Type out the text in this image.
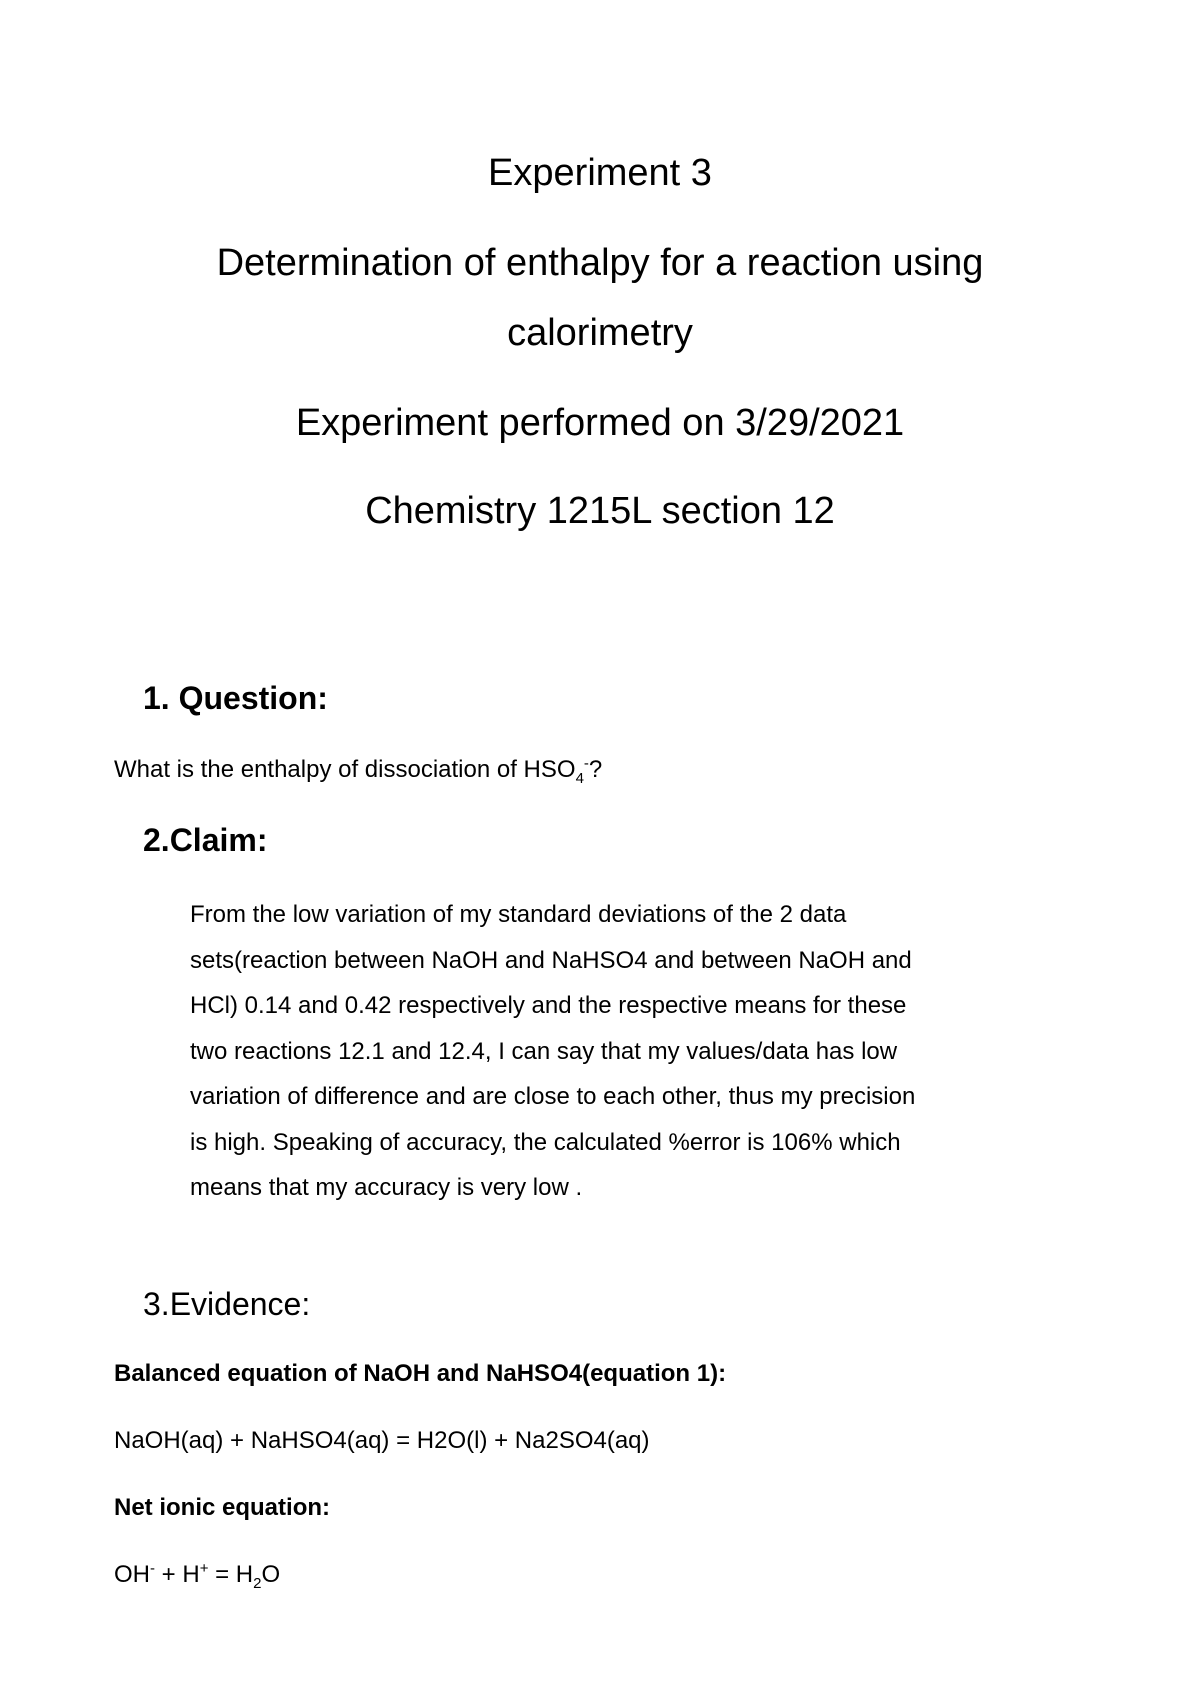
Experiment 3
Determination of enthalpy for a reaction using
calorimetry
Experiment performed on 3/29/2021
Chemistry 1215L section 12
1. Question:
What is the enthalpy of dissociation of $HSO_4^-$?
2.Claim:
From the low variation of my standard deviations of the 2 data
sets(reaction between NaOH and NaHSO4 and between NaOH and
HCl) 0.14 and 0.42 respectively and the respective means for these
two reactions 12.1 and 12.4, I can say that my values/data has low
variation of difference and are close to each other, thus my precision
is high. Speaking of accuracy, the calculated %error is 106% which
means that my accuracy is very low .
3.Evidence:
Balanced equation of NaOH and NaHSO4(equation 1):
NaOH(aq) + NaHSO4(aq) = H2O(l) + Na2SO4(aq)
Net ionic equation:
$OH^- + H^+ = H_2O$
